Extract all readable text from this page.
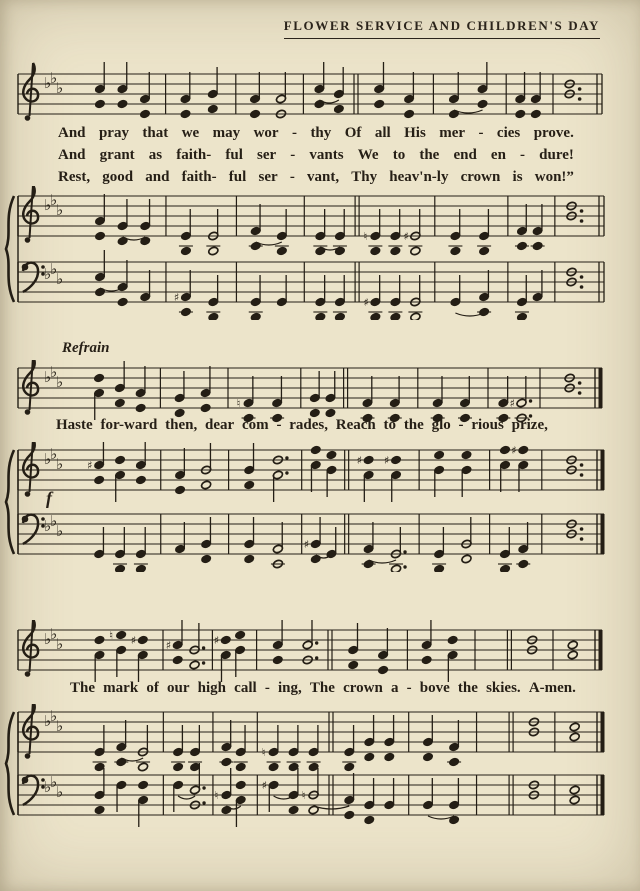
FLOWER SERVICE AND CHILDREN'S DAY
♭
♭
♭
And pray that we may wor - thy Of all His mer - cies prove.
And grant as faith- ful ser - vants We to the end en - dure!
Rest, good and faith- ful ser - vant, Thy heav'n-ly crown is won!”
♭
♭
♭
♮	♯
♭
♭
♭
♯	♯
Refrain
♭
♭
♭
♮	♯
Haste for-ward then, dear com - rades, Reach to the glo - rious prize,
♭
♭
♭ ♯	♯ ♯
♯
♭
♭
♭
♯
f
♭
♭
♭	♮ ♯	♯	♯
The mark of our high call - ing, The crown a - bove the skies. A-men.
♭
♭
♭
♮
♭
♭
♭	♮
♯
♮
